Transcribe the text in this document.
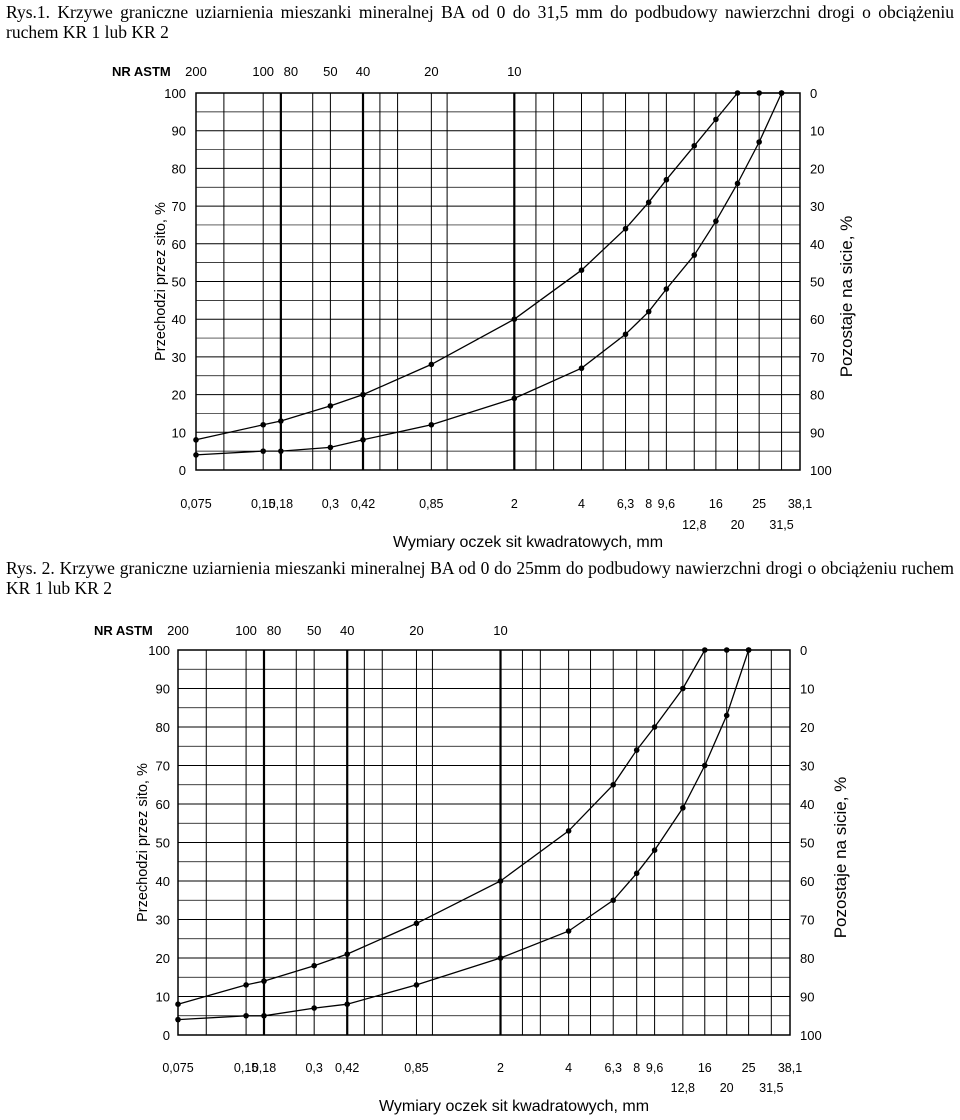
Rys.1. Krzywe graniczne uziarnienia mieszanki mineralnej BA od 0 do 31,5 mm do podbudowy nawierzchni drogi o obciążeniu ruchem KR 1 lub KR 2

NR ASTM 200	100 80 50 40	20	10
0
10
20
30
40
50
60
70
80
90
100
100
90
80
70
60
50
40
30
20
10
0
0,075	0,15
0,18 0,3 0,42	0,85	2	4	6,3 8 9,6	16 25 38,1
12,8 20 31,5
Wymiary oczek sit kwadratowych, mm
Przechodzi przez sito, %	Pozostaje na sicie, %

Rys. 2. Krzywe graniczne uziarnienia mieszanki mineralnej BA od 0 do 25mm do podbudowy nawierzchni drogi o obciążeniu ruchem KR 1 lub KR 2

NR ASTM 200	100 80 50 40	20	10
0
10
20
30
40
50
60
70
80
90
100
100
90
80
70
60
50
40
30
20
10
0
0,075	0,15
0,18 0,3 0,42	0,85	2	4	6,3 8 9,6	16 25 38,1
12,8 20 31,5
Wymiary oczek sit kwadratowych, mm
Przechodzi przez sito, %	Pozostaje na sicie, %
